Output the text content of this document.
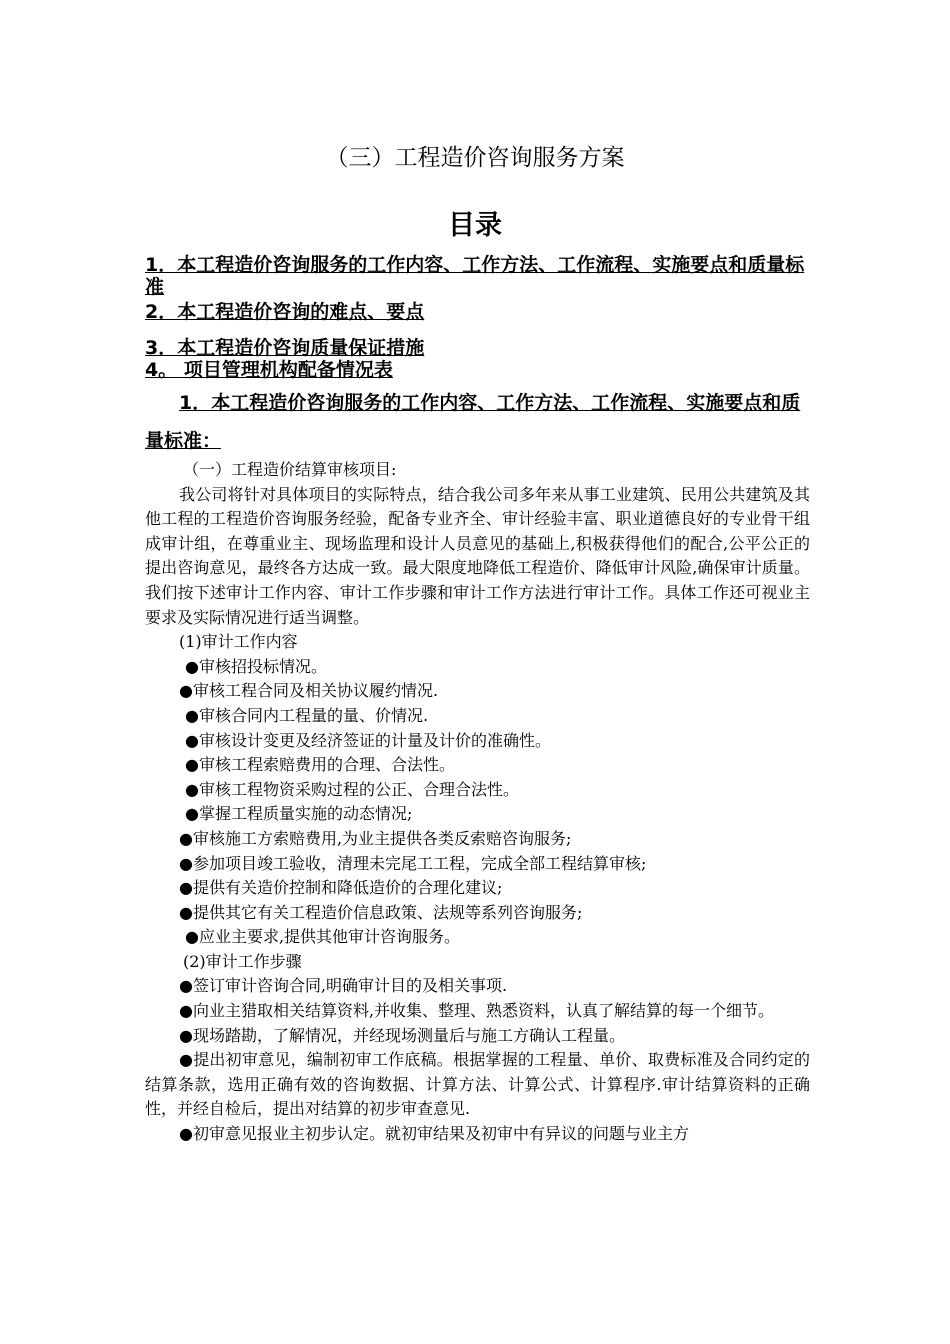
（三）工程造价咨询服务方案
目录

1．本工程造价咨询服务的工作内容、工作方法、工作流程、实施要点和质量标准

2．本工程造价咨询的难点、要点

3．本工程造价咨询质量保证措施

4。 项目管理机构配备情况表

1．本工程造价咨询服务的工作内容、工作方法、工作流程、实施要点和质量标准：

（一）工程造价结算审核项目:

我公司将针对具体项目的实际特点，结合我公司多年来从事工业建筑、民用公共建筑及其他工程的工程造价咨询服务经验，配备专业齐全、审计经验丰富、职业道德良好的专业骨干组成审计组，在尊重业主、现场监理和设计人员意见的基础上,积极获得他们的配合,公平公正的提出咨询意见，最终各方达成一致。最大限度地降低工程造价、降低审计风险,确保审计质量。我们按下述审计工作内容、审计工作步骤和审计工作方法进行审计工作。具体工作还可视业主要求及实际情况进行适当调整。

(1)审计工作内容

●审核招投标情况。

●审核工程合同及相关协议履约情况.

●审核合同内工程量的量、价情况.

●审核设计变更及经济签证的计量及计价的准确性。

●审核工程索赔费用的合理、合法性。

●审核工程物资采购过程的公正、合理合法性。

●掌握工程质量实施的动态情况;

●审核施工方索赔费用,为业主提供各类反索赔咨询服务;

●参加项目竣工验收，清理未完尾工工程，完成全部工程结算审核;

●提供有关造价控制和降低造价的合理化建议;

●提供其它有关工程造价信息政策、法规等系列咨询服务;

●应业主要求,提供其他审计咨询服务。

(2)审计工作步骤

●签订审计咨询合同,明确审计目的及相关事项.

●向业主猎取相关结算资料,并收集、整理、熟悉资料，认真了解结算的每一个细节。

●现场踏勘，了解情况，并经现场测量后与施工方确认工程量。

●提出初审意见，编制初审工作底稿。根据掌握的工程量、单价、取费标准及合同约定的结算条款，选用正确有效的咨询数据、计算方法、计算公式、计算程序.审计结算资料的正确性，并经自检后，提出对结算的初步审查意见.

●初审意见报业主初步认定。就初审结果及初审中有异议的问题与业主方
